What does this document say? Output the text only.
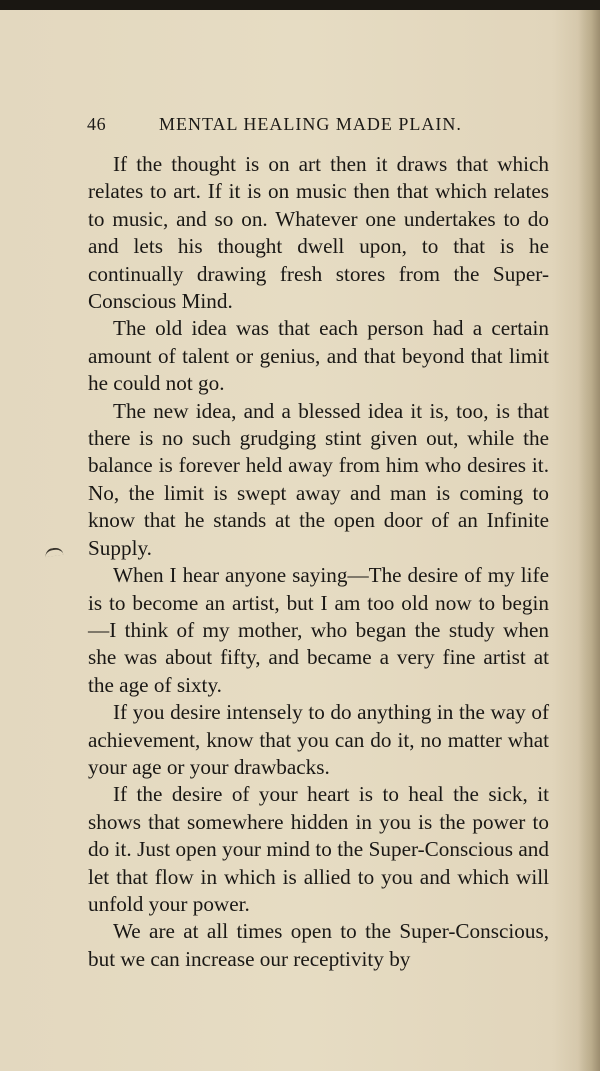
46	MENTAL HEALING MADE PLAIN.

If the thought is on art then it draws that which relates to art. If it is on music then that which relates to music, and so on. Whatever one undertakes to do and lets his thought dwell upon, to that is he continually drawing fresh stores from the Super-Conscious Mind.

The old idea was that each person had a certain amount of talent or genius, and that beyond that limit he could not go.

The new idea, and a blessed idea it is, too, is that there is no such grudging stint given out, while the balance is forever held away from him who desires it. No, the limit is swept away and man is coming to know that he stands at the open door of an Infinite Supply.

When I hear anyone saying—The desire of my life is to become an artist, but I am too old now to begin—I think of my mother, who began the study when she was about fifty, and became a very fine artist at the age of sixty.

If you desire intensely to do anything in the way of achievement, know that you can do it, no matter what your age or your drawbacks.

If the desire of your heart is to heal the sick, it shows that somewhere hidden in you is the power to do it. Just open your mind to the Super-Conscious and let that flow in which is allied to you and which will unfold your power.

We are at all times open to the Super-Conscious, but we can increase our receptivity by
